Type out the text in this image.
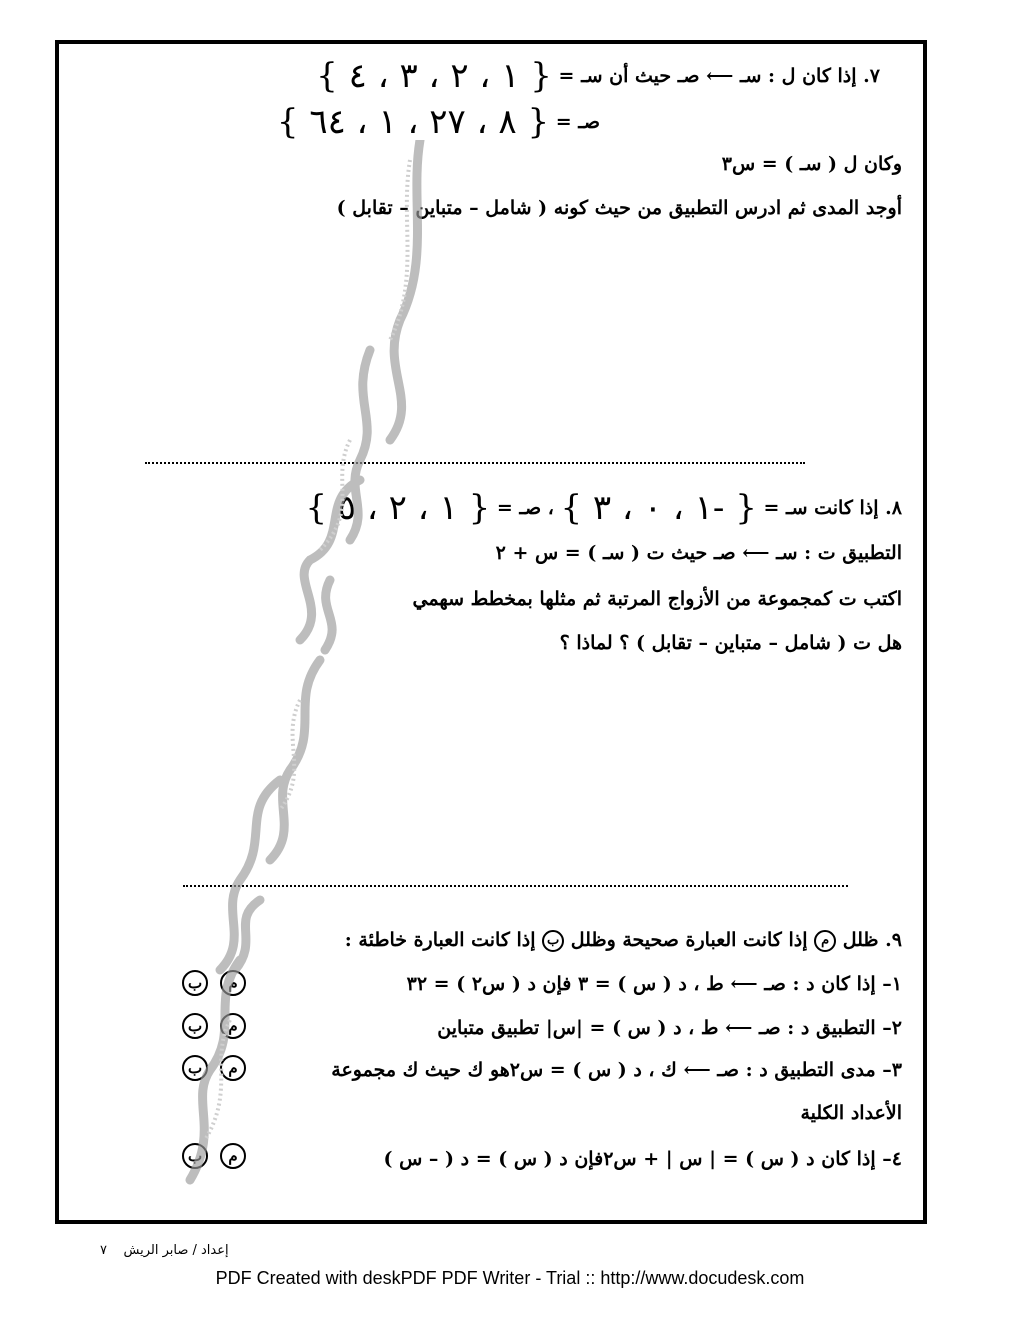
٧. إذا كان ل : سـ ⟵ صـ حيث أن سـ = { ١ ، ٢ ، ٣ ، ٤ }
صـ = { ٨ ، ٢٧ ، ١ ، ٦٤ }
وكان ل ( سـ ) = س٣
أوجد المدى ثم ادرس التطبيق من حيث كونه ( شامل – متباين – تقابل )
٨. إذا كانت سـ = { -١ ، ٠ ، ٣ } ، صـ = { ١ ، ٢ ، ٥ }
التطبيق ت : سـ ⟵ صـ حيث ت ( سـ ) = س + ٢
اكتب ت كمجموعة من الأزواج المرتبة ثم مثلها بمخطط سهمي
هل ت ( شامل – متباين – تقابل ) ؟ لماذا ؟
٩. ظلل م إذا كانت العبارة صحيحة وظلل ب إذا كانت العبارة خاطئة :
١– إذا كان د : صـ ⟵ ط ، د ( س ) = ٣ فإن د ( س٢ ) = ٣٢
ب	م
٢– التطبيق د : صـ ⟵ ط ، د ( س ) = |س| تطبيق متباين
ب	م
٣– مدى التطبيق د : صـ ⟵ ك ، د ( س ) = س٢هو ك حيث ك مجموعة
ب	م
الأعداد الكلية
٤– إذا كان د ( س ) = | س | + س٢فإن د ( س ) = د ( – س )
ب	م
إعداد / صابر الريش    ٧
PDF Created with deskPDF PDF Writer - Trial :: http://www.docudesk.com
